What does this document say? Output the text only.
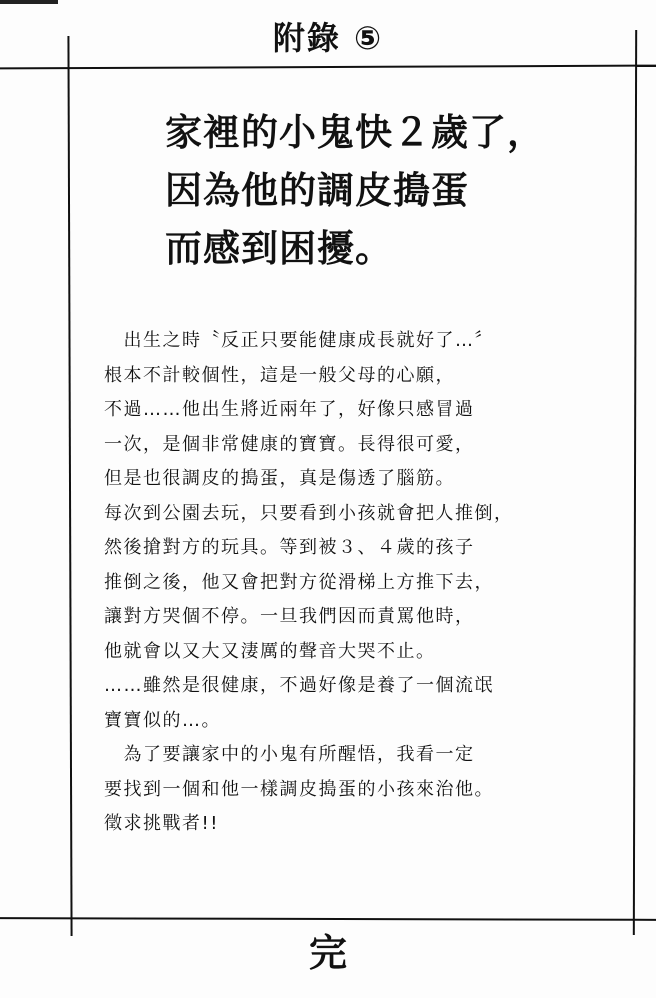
附錄 ⑤
家裡的小鬼快２歲了，
因為他的調皮搗蛋
而感到困擾。
　出生之時〝反正只要能健康成長就好了…〞
根本不計較個性，這是一般父母的心願，
不過……他出生將近兩年了，好像只感冒過
一次，是個非常健康的寶寶。長得很可愛，
但是也很調皮的搗蛋，真是傷透了腦筋。
每次到公園去玩，只要看到小孩就會把人推倒，
然後搶對方的玩具。等到被３、４歲的孩子
推倒之後，他又會把對方從滑梯上方推下去，
讓對方哭個不停。一旦我們因而責罵他時，
他就會以又大又淒厲的聲音大哭不止。
……雖然是很健康，不過好像是養了一個流氓
寶寶似的…。
　為了要讓家中的小鬼有所醒悟，我看一定
要找到一個和他一樣調皮搗蛋的小孩來治他。
徵求挑戰者!!
完
